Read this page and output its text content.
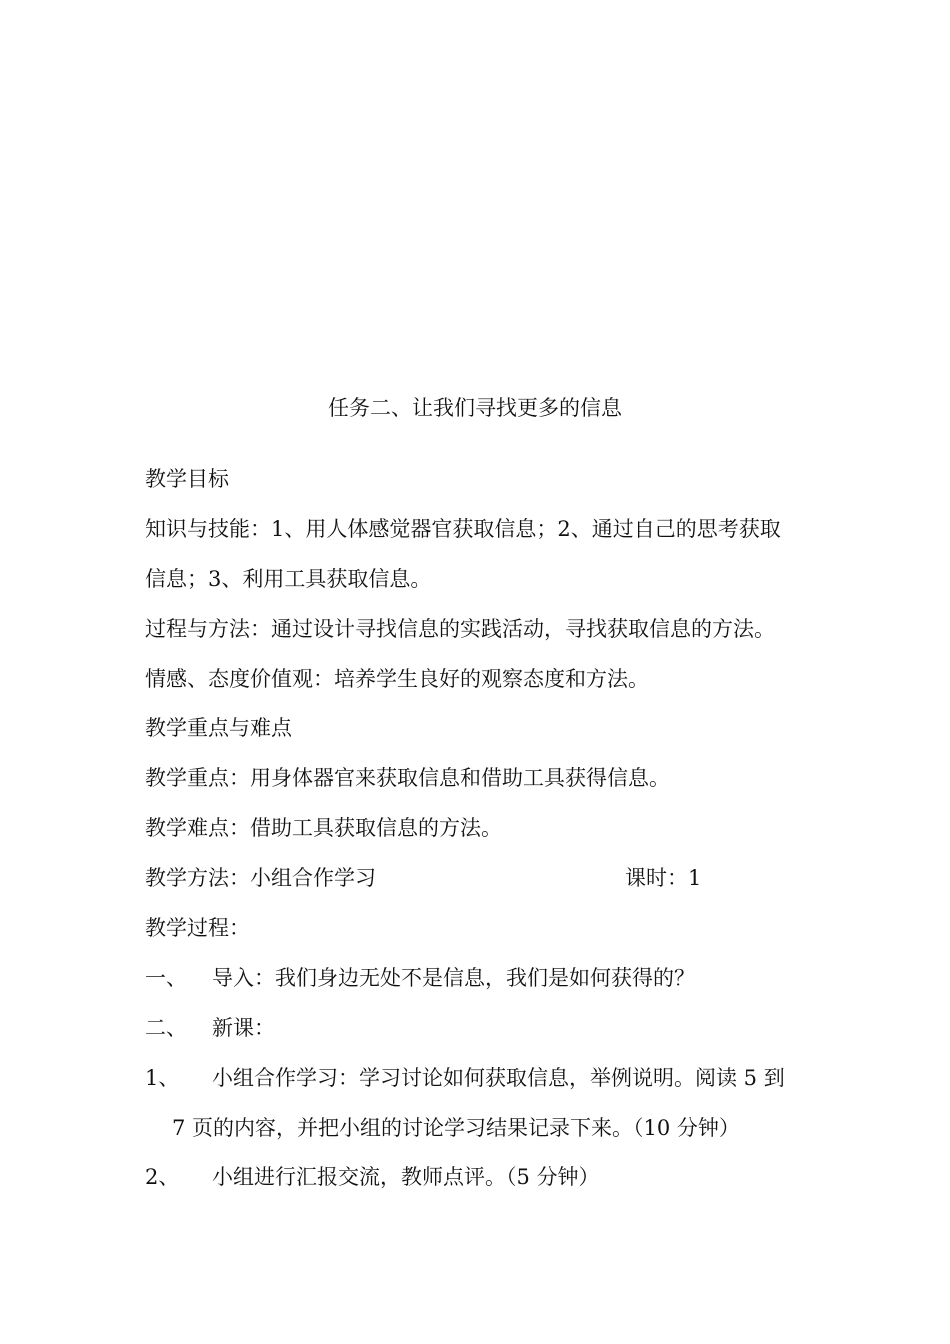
任务二、让我们寻找更多的信息
教学目标
知识与技能：1、用人体感觉器官获取信息；2、通过自己的思考获取
信息；3、利用工具获取信息。
过程与方法：通过设计寻找信息的实践活动，寻找获取信息的方法。
情感、态度价值观：培养学生良好的观察态度和方法。
教学重点与难点
教学重点：用身体器官来获取信息和借助工具获得信息。
教学难点：借助工具获取信息的方法。
教学方法：小组合作学习	课时：1
教学过程：
一、 导入：我们身边无处不是信息，我们是如何获得的？
二、 新课：
1、 小组合作学习：学习讨论如何获取信息，举例说明。阅读 5 到
7 页的内容，并把小组的讨论学习结果记录下来。（10 分钟）
2、 小组进行汇报交流，教师点评。（5 分钟）
